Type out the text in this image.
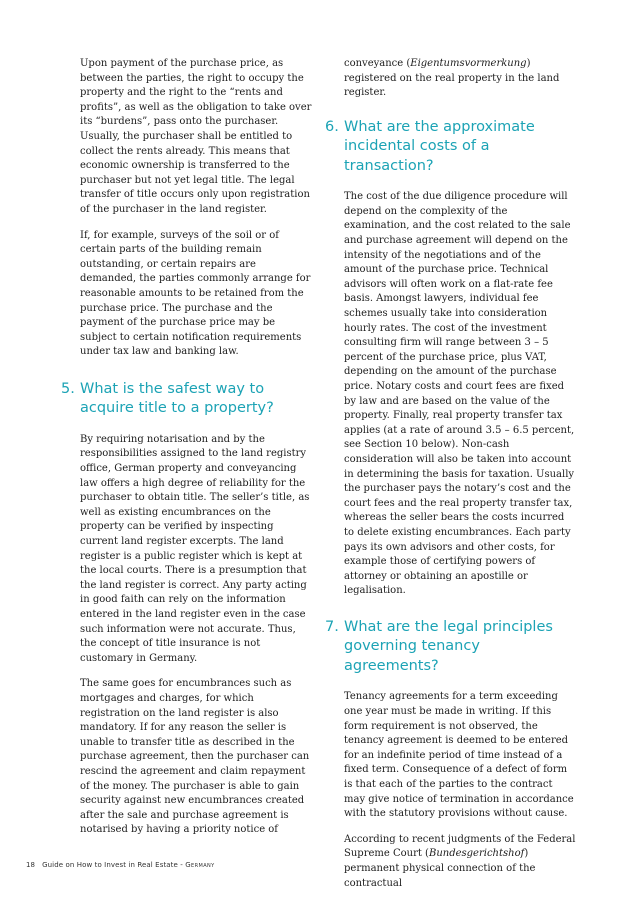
Upon payment of the purchase price, as between the parties, the right to occupy the property and the right to the “rents and profits”, as well as the obligation to take over its “burdens”, pass onto the purchaser. Usually, the purchaser shall be entitled to collect the rents already. This means that economic ownership is transferred to the purchaser but not yet legal title. The legal transfer of title occurs only upon registration of the purchaser in the land register.

If, for example, surveys of the soil or of certain parts of the building remain outstanding, or certain repairs are demanded, the parties commonly arrange for reasonable amounts to be retained from the purchase price. The purchase and the payment of the purchase price may be subject to certain notification requirements under tax law and banking law.

5. What is the safest way to acquire title to a property?

By requiring notarisation and by the responsibilities assigned to the land registry office, German property and conveyancing law offers a high degree of reliability for the purchaser to obtain title. The seller’s title, as well as existing encumbrances on the property can be verified by inspecting current land register excerpts. The land register is a public register which is kept at the local courts. There is a presumption that the land register is correct. Any party acting in good faith can rely on the information entered in the land register even in the case such information were not accurate. Thus, the concept of title insurance is not customary in Germany.

The same goes for encumbrances such as mortgages and charges, for which registration on the land register is also mandatory. If for any reason the seller is unable to transfer title as described in the purchase agreement, then the purchaser can rescind the agreement and claim repayment of the money. The purchaser is able to gain security against new encumbrances created after the sale and purchase agreement is notarised by having a priority notice of

conveyance (Eigentumsvormerkung) registered on the real property in the land register.

6. What are the approximate incidental costs of a transaction?

The cost of the due diligence procedure will depend on the complexity of the examination, and the cost related to the sale and purchase agreement will depend on the intensity of the negotiations and of the amount of the purchase price. Technical advisors will often work on a flat-rate fee basis. Amongst lawyers, individual fee schemes usually take into consideration hourly rates. The cost of the investment consulting firm will range between 3 – 5 percent of the purchase price, plus VAT, depending on the amount of the purchase price. Notary costs and court fees are fixed by law and are based on the value of the property. Finally, real property transfer tax applies (at a rate of around 3.5 – 6.5 percent, see Section 10 below). Non-cash consideration will also be taken into account in determining the basis for taxation. Usually the purchaser pays the notary’s cost and the court fees and the real property transfer tax, whereas the seller bears the costs incurred to delete existing encumbrances. Each party pays its own advisors and other costs, for example those of certifying powers of attorney or obtaining an apostille or legalisation.

7. What are the legal principles governing tenancy agreements?

Tenancy agreements for a term exceeding one year must be made in writing. If this form requirement is not observed, the tenancy agreement is deemed to be entered for an indefinite period of time instead of a fixed term. Consequence of a defect of form is that each of the parties to the contract may give notice of termination in accordance with the statutory provisions without cause.

According to recent judgments of the Federal Supreme Court (Bundesgerichtshof) permanent physical connection of the contractual

18 Guide on How to Invest in Real Estate - Germany
